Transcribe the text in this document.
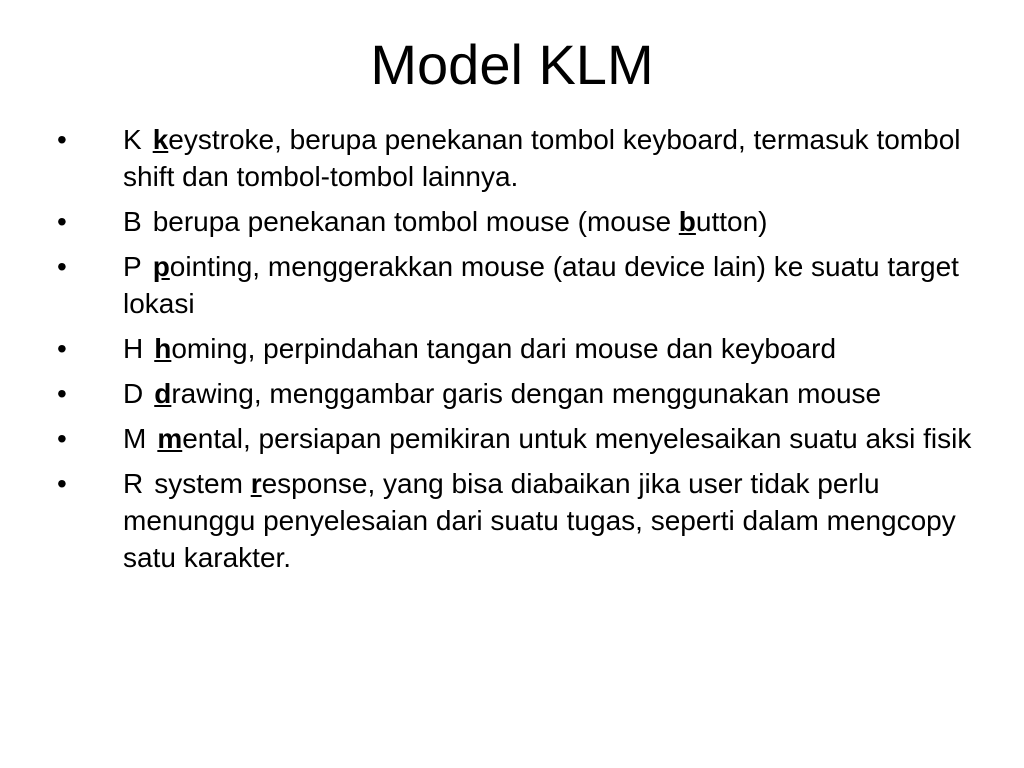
Model KLM
• K keystroke, berupa penekanan tombol keyboard, termasuk tombol shift dan tombol-tombol lainnya.
• B berupa penekanan tombol mouse (mouse button)
• P pointing, menggerakkan mouse (atau device lain) ke suatu target lokasi
• H homing, perpindahan tangan dari mouse dan keyboard
• D drawing, menggambar garis dengan menggunakan mouse
• M mental, persiapan pemikiran untuk menyelesaikan suatu aksi fisik
• R system response, yang bisa diabaikan jika user tidak perlu menunggu penyelesaian dari suatu tugas, seperti dalam mengcopy satu karakter.
